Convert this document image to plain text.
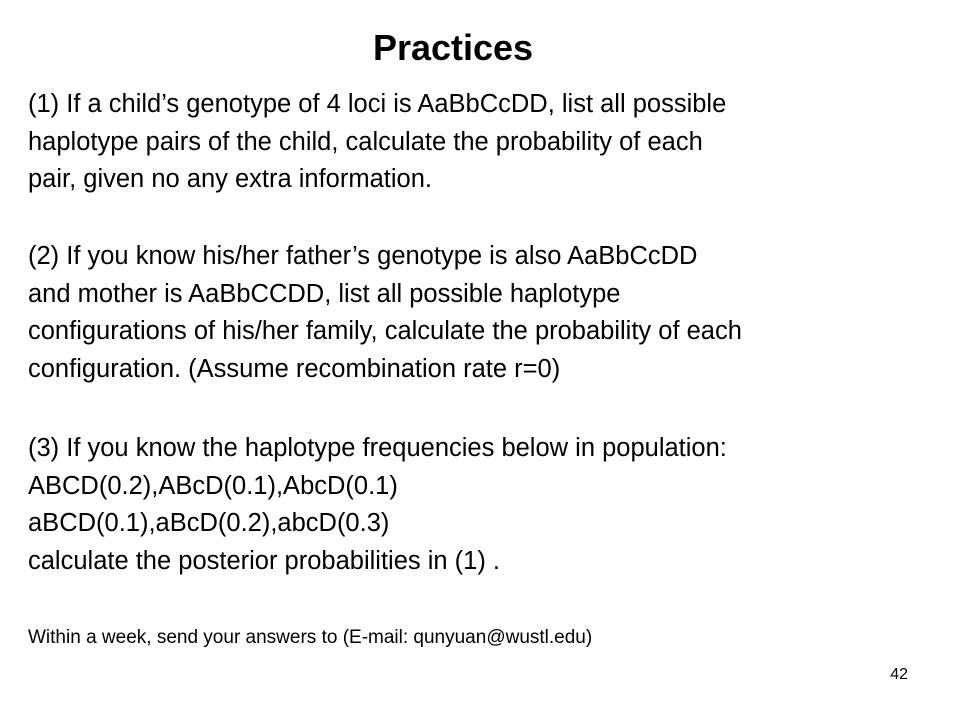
Practices

(1) If a child’s genotype of 4 loci is AaBbCcDD, list all possible
haplotype pairs of the child, calculate the probability of each
pair, given no any extra information.

(2) If you know his/her father’s genotype is also AaBbCcDD
and mother is AaBbCCDD, list all possible haplotype
configurations of his/her family, calculate the probability of each
configuration. (Assume recombination rate r=0)

(3) If you know the haplotype frequencies below in population:
ABCD(0.2),ABcD(0.1),AbcD(0.1)
aBCD(0.1),aBcD(0.2),abcD(0.3)
calculate the posterior probabilities in (1) .

Within a week, send your answers to (E-mail: qunyuan@wustl.edu)

42
